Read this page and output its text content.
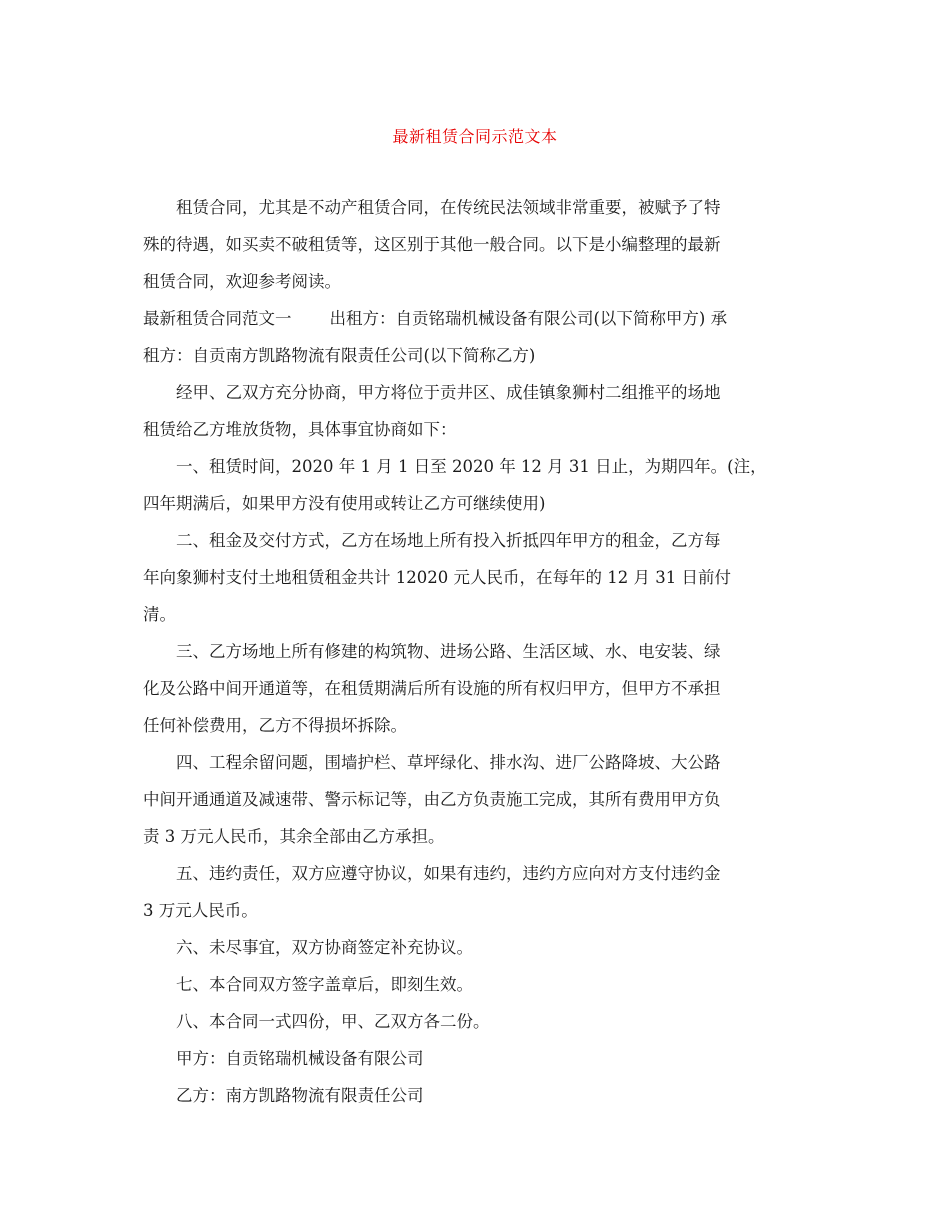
最新租赁合同示范文本
租赁合同，尤其是不动产租赁合同，在传统民法领域非常重要，被赋予了特
殊的待遇，如买卖不破租赁等，这区别于其他一般合同。以下是小编整理的最新
租赁合同，欢迎参考阅读。
最新租赁合同范文一 出租方：自贡铭瑞机械设备有限公司(以下简称甲方) 承
租方：自贡南方凯路物流有限责任公司(以下简称乙方)
经甲、乙双方充分协商，甲方将位于贡井区、成佳镇象狮村二组推平的场地
租赁给乙方堆放货物，具体事宜协商如下：
一、租赁时间，2020 年 1 月 1 日至 2020 年 12 月 31 日止，为期四年。(注，
四年期满后，如果甲方没有使用或转让乙方可继续使用)
二、租金及交付方式，乙方在场地上所有投入折抵四年甲方的租金，乙方每
年向象狮村支付土地租赁租金共计 12020 元人民币，在每年的 12 月 31 日前付
清。
三、乙方场地上所有修建的构筑物、进场公路、生活区域、水、电安装、绿
化及公路中间开通道等，在租赁期满后所有设施的所有权归甲方，但甲方不承担
任何补偿费用，乙方不得损坏拆除。
四、工程余留问题，围墙护栏、草坪绿化、排水沟、进厂公路降坡、大公路
中间开通通道及减速带、警示标记等，由乙方负责施工完成，其所有费用甲方负
责 3 万元人民币，其余全部由乙方承担。
五、违约责任，双方应遵守协议，如果有违约，违约方应向对方支付违约金
3 万元人民币。
六、未尽事宜，双方协商签定补充协议。
七、本合同双方签字盖章后，即刻生效。
八、本合同一式四份，甲、乙双方各二份。
甲方：自贡铭瑞机械设备有限公司
乙方：南方凯路物流有限责任公司
